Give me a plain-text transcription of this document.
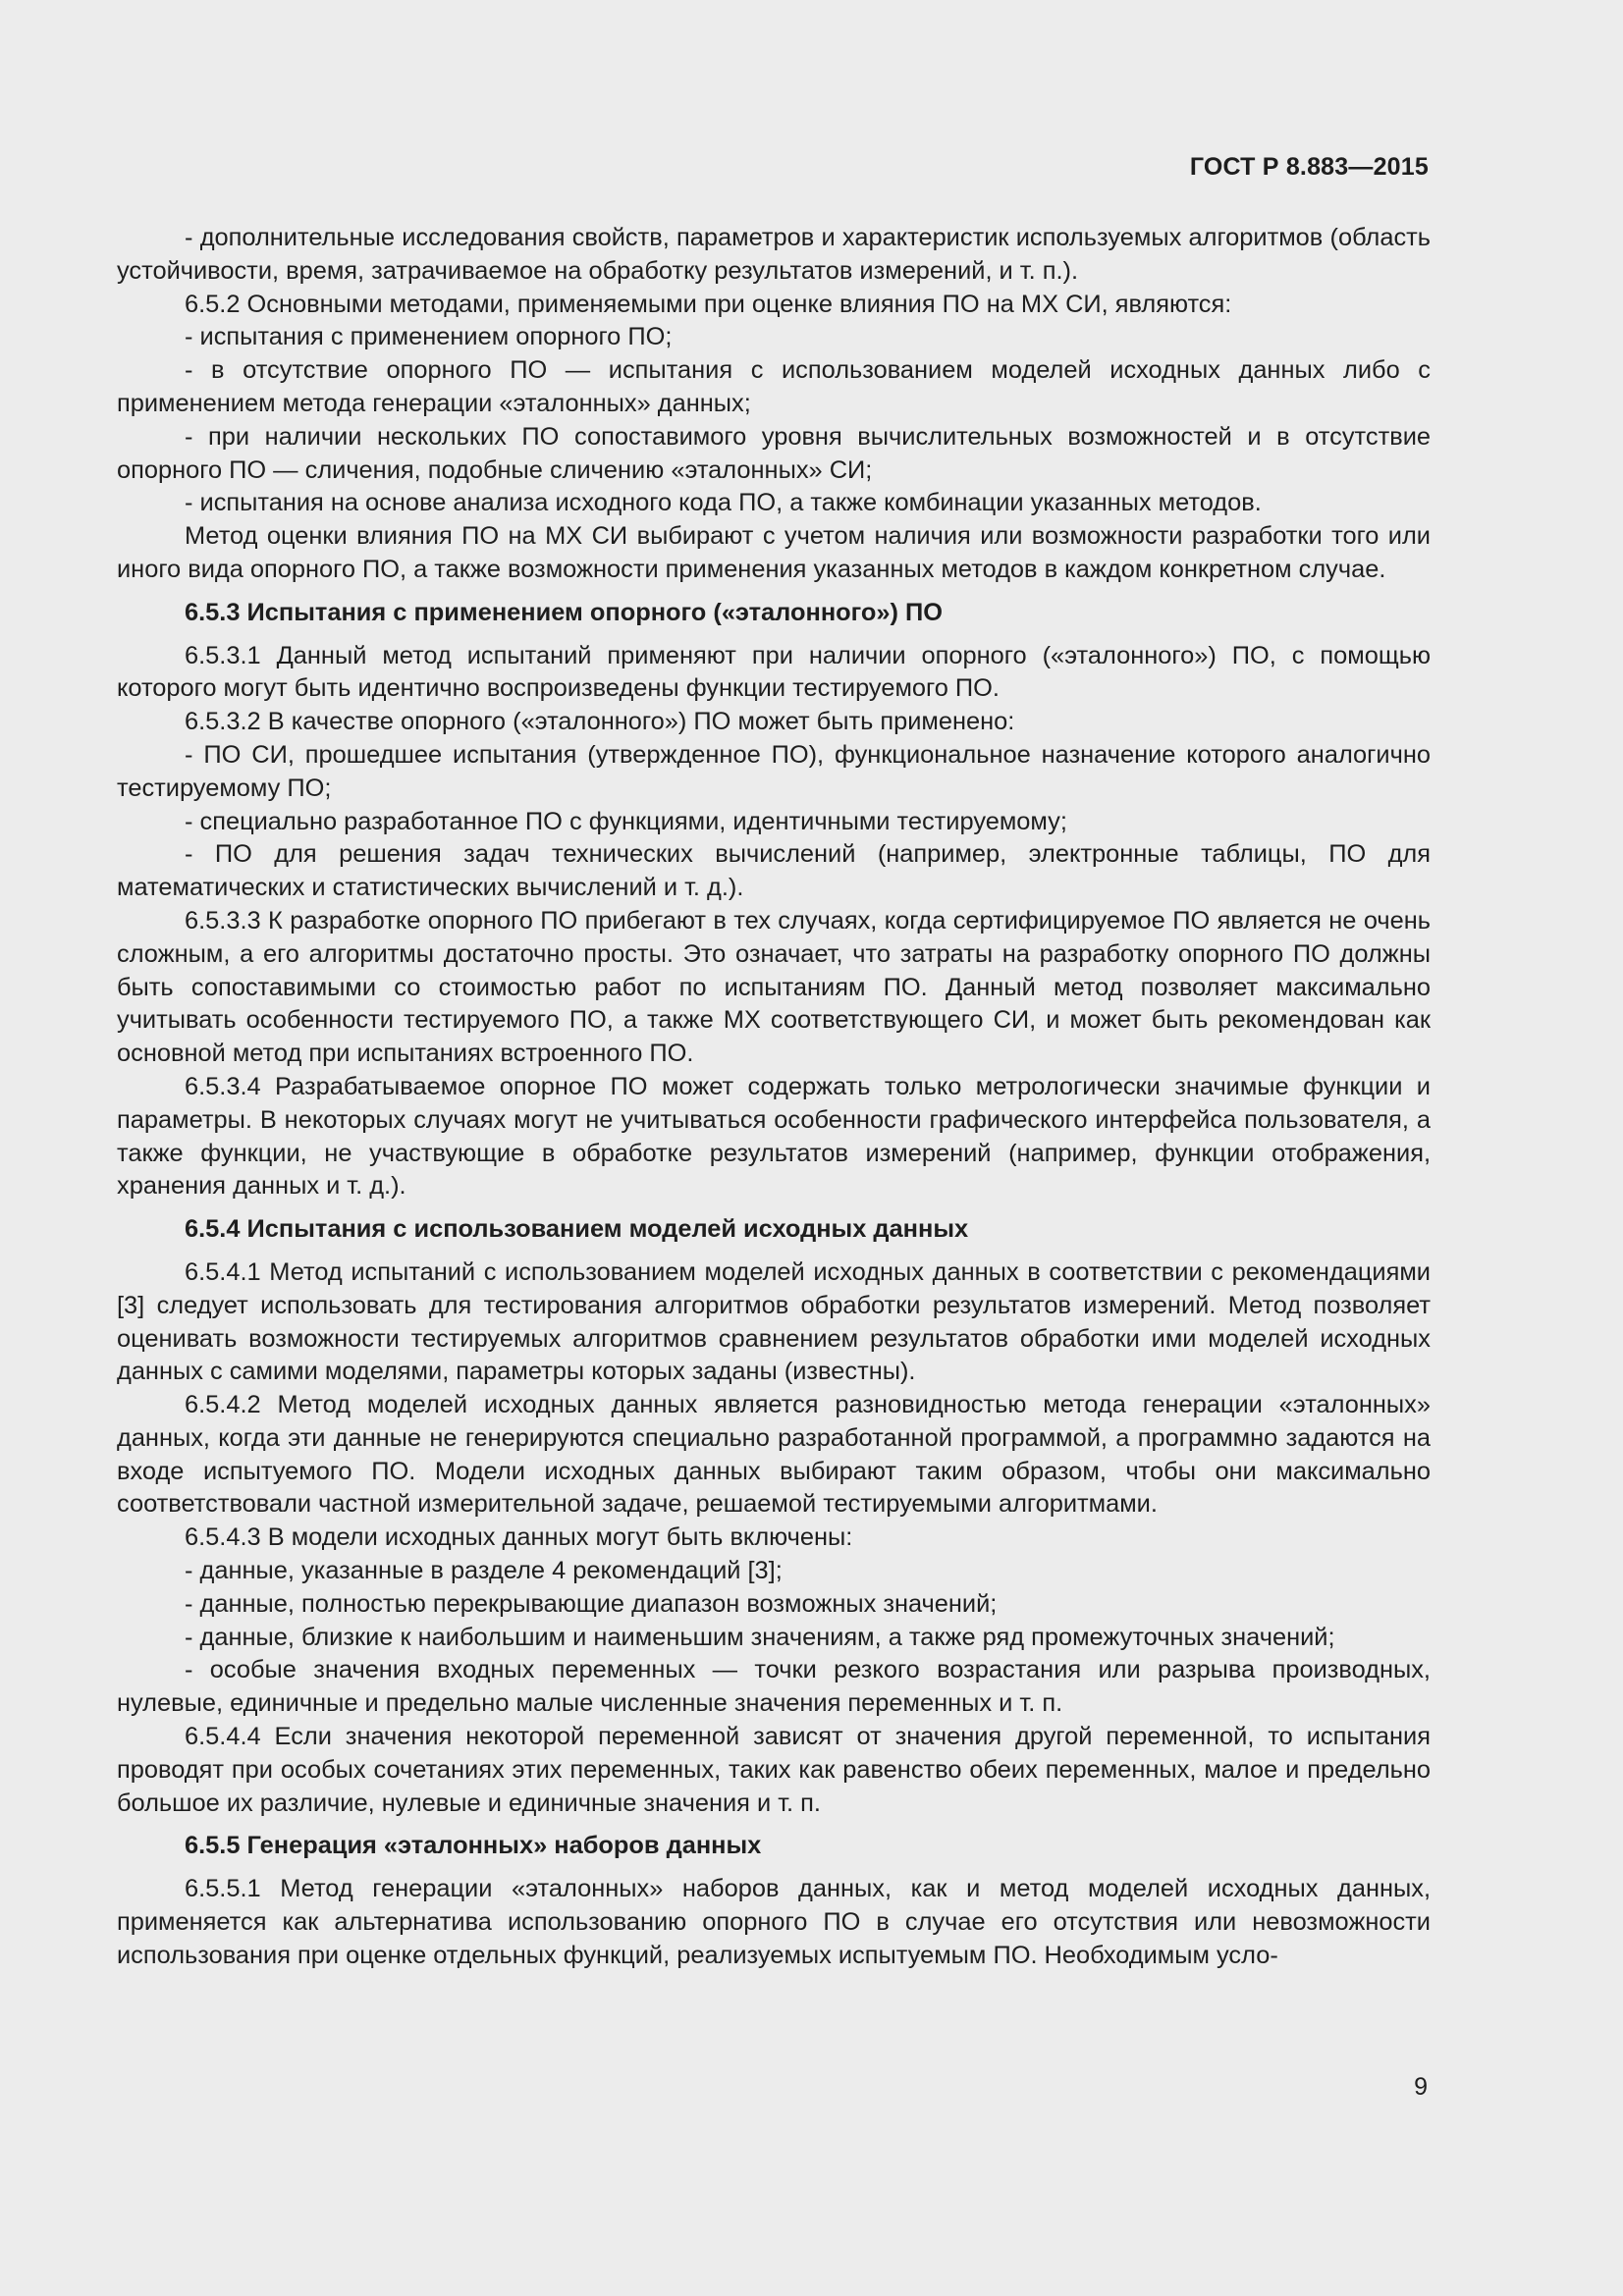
ГОСТ Р 8.883—2015

- дополнительные исследования свойств, параметров и характеристик используемых алгоритмов (область устойчивости, время, затрачиваемое на обработку результатов измерений, и т. п.).

6.5.2 Основными методами, применяемыми при оценке влияния ПО на МХ СИ, являются:

- испытания с применением опорного ПО;

- в отсутствие опорного ПО — испытания с использованием моделей исходных данных либо с применением метода генерации «эталонных» данных;

- при наличии нескольких ПО сопоставимого уровня вычислительных возможностей и в отсутствие опорного ПО — сличения, подобные сличению «эталонных» СИ;

- испытания на основе анализа исходного кода ПО, а также комбинации указанных методов.

Метод оценки влияния ПО на МХ СИ выбирают с учетом наличия или возможности разработки того или иного вида опорного ПО, а также возможности применения указанных методов в каждом конкретном случае.

6.5.3 Испытания с применением опорного («эталонного») ПО

6.5.3.1 Данный метод испытаний применяют при наличии опорного («эталонного») ПО, с помощью которого могут быть идентично воспроизведены функции тестируемого ПО.

6.5.3.2 В качестве опорного («эталонного») ПО может быть применено:

- ПО СИ, прошедшее испытания (утвержденное ПО), функциональное назначение которого аналогично тестируемому ПО;

- специально разработанное ПО с функциями, идентичными тестируемому;

- ПО для решения задач технических вычислений (например, электронные таблицы, ПО для математических и статистических вычислений и т. д.).

6.5.3.3 К разработке опорного ПО прибегают в тех случаях, когда сертифицируемое ПО является не очень сложным, а его алгоритмы достаточно просты. Это означает, что затраты на разработку опорного ПО должны быть сопоставимыми со стоимостью работ по испытаниям ПО. Данный метод позволяет максимально учитывать особенности тестируемого ПО, а также МХ соответствующего СИ, и может быть рекомендован как основной метод при испытаниях встроенного ПО.

6.5.3.4 Разрабатываемое опорное ПО может содержать только метрологически значимые функции и параметры. В некоторых случаях могут не учитываться особенности графического интерфейса пользователя, а также функции, не участвующие в обработке результатов измерений (например, функции отображения, хранения данных и т. д.).

6.5.4 Испытания с использованием моделей исходных данных

6.5.4.1 Метод испытаний с использованием моделей исходных данных в соответствии с рекомендациями [3] следует использовать для тестирования алгоритмов обработки результатов измерений. Метод позволяет оценивать возможности тестируемых алгоритмов сравнением результатов обработки ими моделей исходных данных с самими моделями, параметры которых заданы (известны).

6.5.4.2 Метод моделей исходных данных является разновидностью метода генерации «эталонных» данных, когда эти данные не генерируются специально разработанной программой, а программно задаются на входе испытуемого ПО. Модели исходных данных выбирают таким образом, чтобы они максимально соответствовали частной измерительной задаче, решаемой тестируемыми алгоритмами.

6.5.4.3 В модели исходных данных могут быть включены:

- данные, указанные в разделе 4 рекомендаций [3];

- данные, полностью перекрывающие диапазон возможных значений;

- данные, близкие к наибольшим и наименьшим значениям, а также ряд промежуточных значений;

- особые значения входных переменных — точки резкого возрастания или разрыва производных, нулевые, единичные и предельно малые численные значения переменных и т. п.

6.5.4.4 Если значения некоторой переменной зависят от значения другой переменной, то испытания проводят при особых сочетаниях этих переменных, таких как равенство обеих переменных, малое и предельно большое их различие, нулевые и единичные значения и т. п.

6.5.5 Генерация «эталонных» наборов данных

6.5.5.1 Метод генерации «эталонных» наборов данных, как и метод моделей исходных данных, применяется как альтернатива использованию опорного ПО в случае его отсутствия или невозможности использования при оценке отдельных функций, реализуемых испытуемым ПО. Необходимым усло-

9
